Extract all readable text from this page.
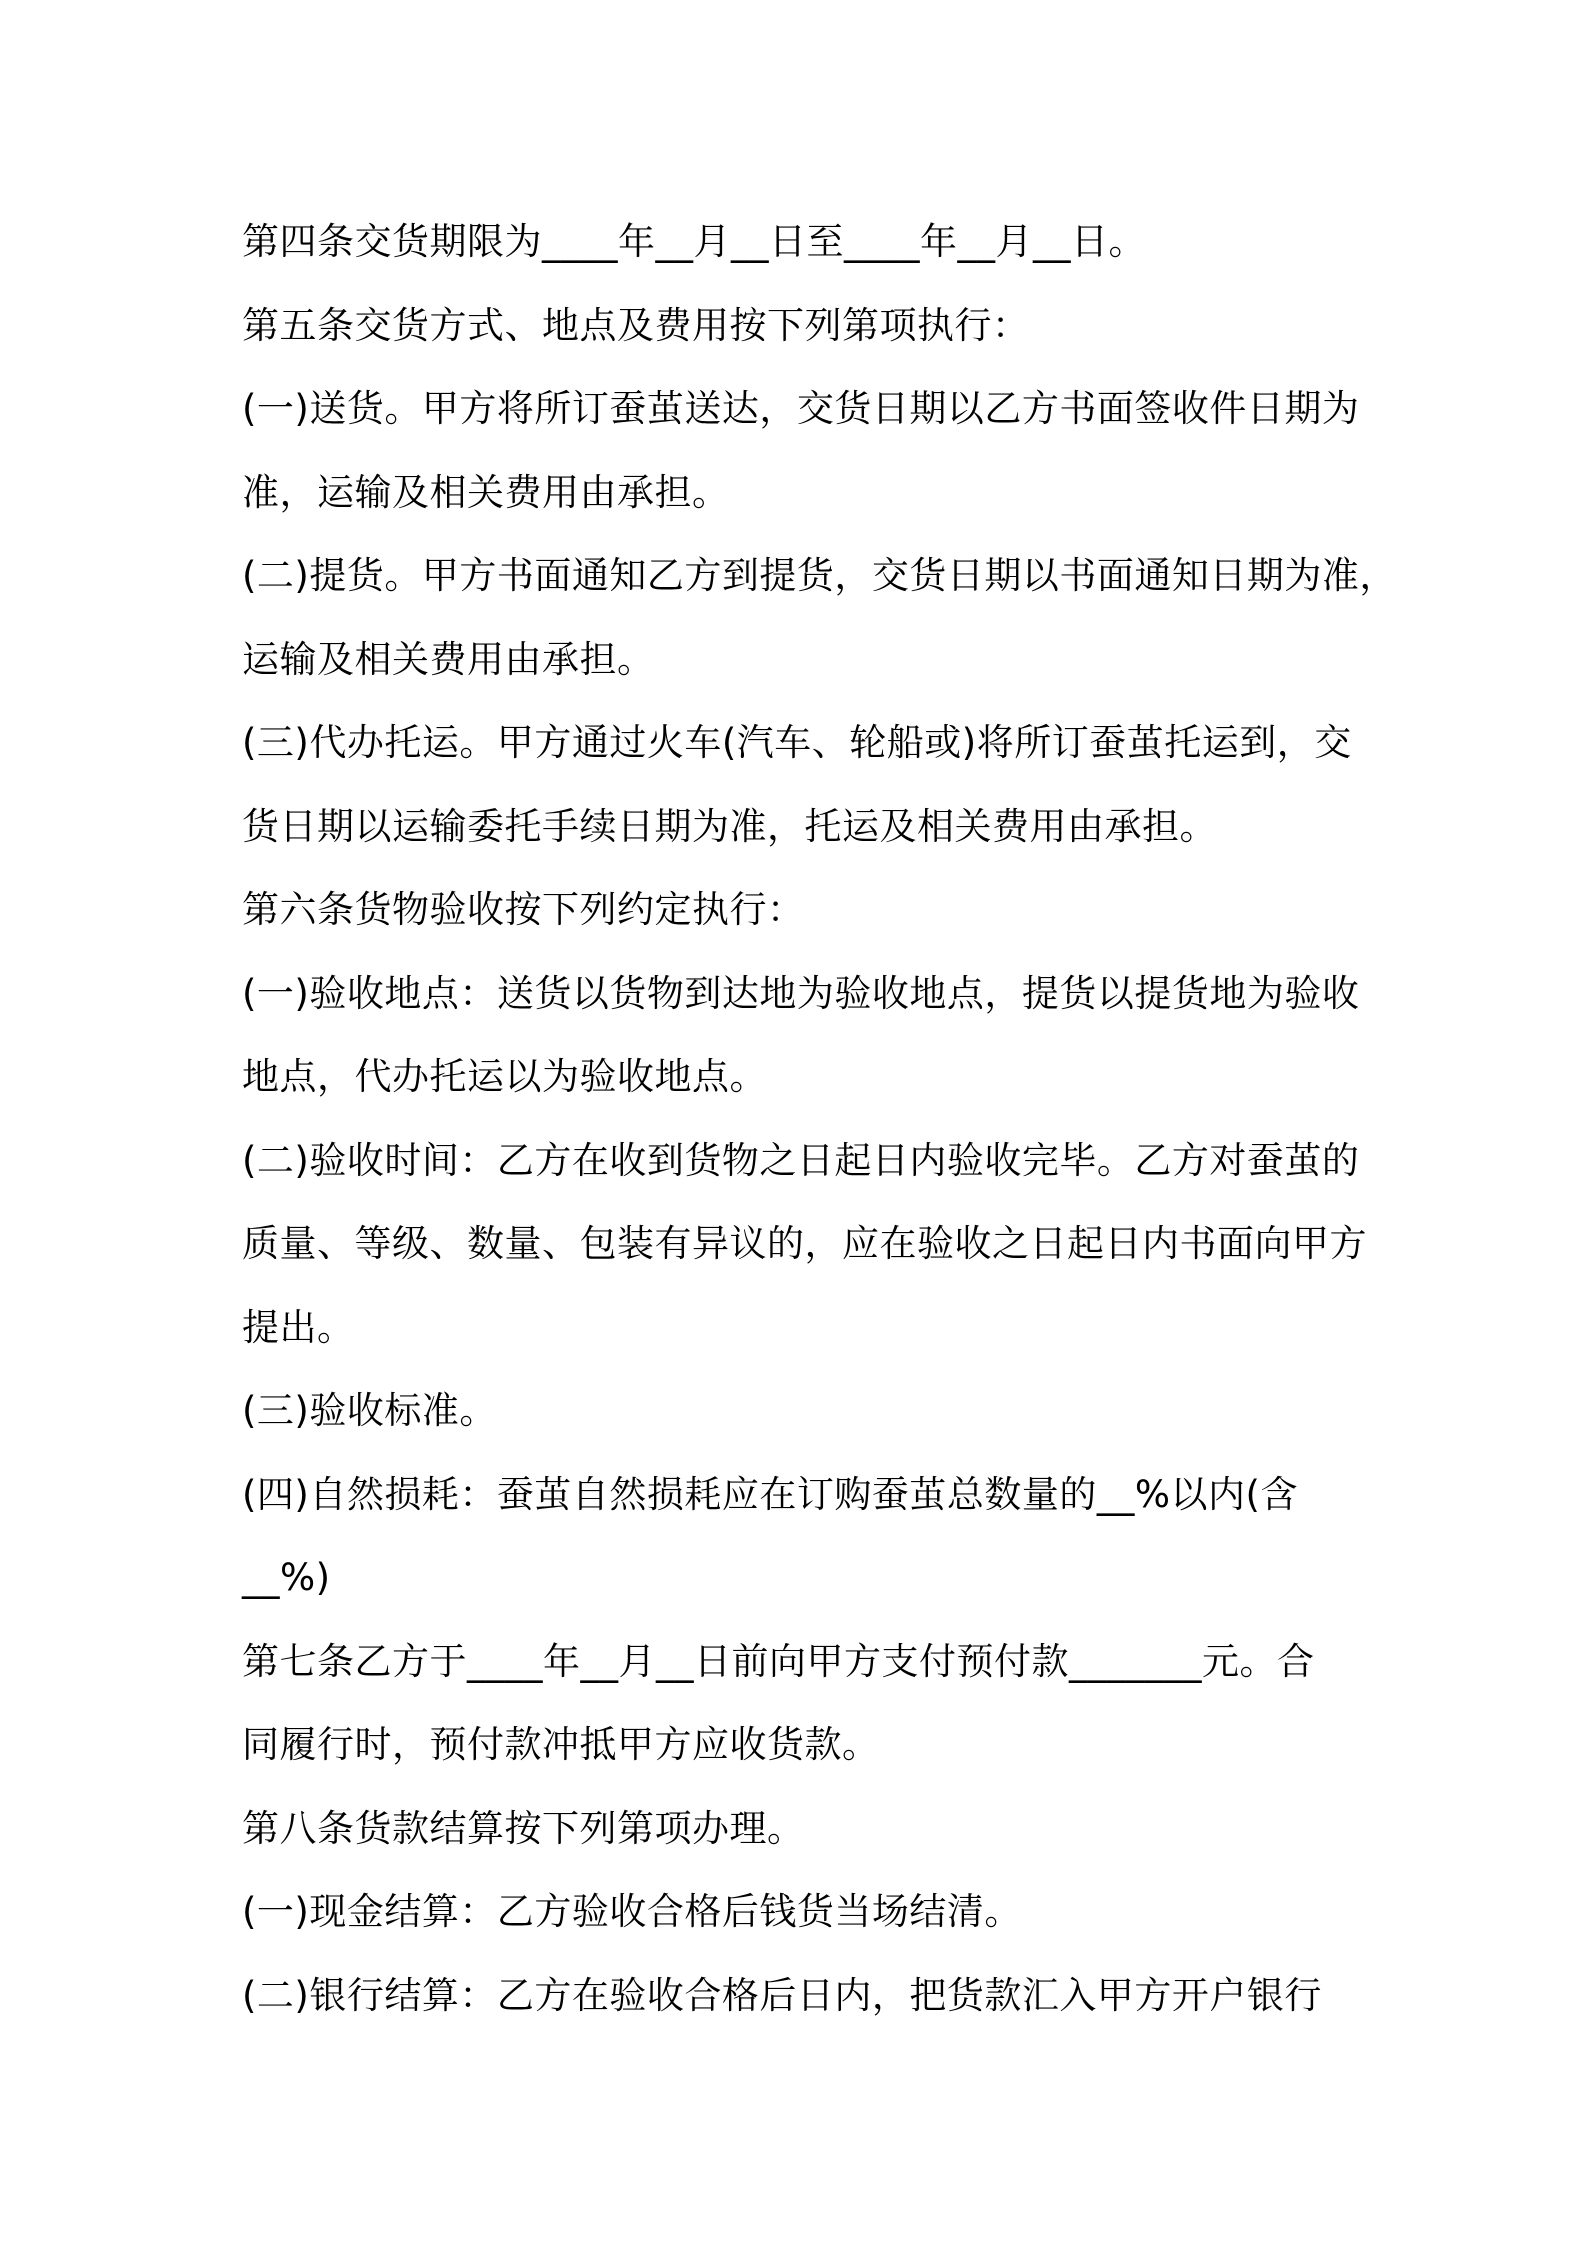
第四条交货期限为____年__月__日至____年__月__日。
第五条交货方式、地点及费用按下列第项执行：
(一)送货。甲方将所订蚕茧送达，交货日期以乙方书面签收件日期为
准，运输及相关费用由承担。
(二)提货。甲方书面通知乙方到提货，交货日期以书面通知日期为准，
运输及相关费用由承担。
(三)代办托运。甲方通过火车(汽车、轮船或)将所订蚕茧托运到，交
货日期以运输委托手续日期为准，托运及相关费用由承担。
第六条货物验收按下列约定执行：
(一)验收地点：送货以货物到达地为验收地点，提货以提货地为验收
地点，代办托运以为验收地点。
(二)验收时间：乙方在收到货物之日起日内验收完毕。乙方对蚕茧的
质量、等级、数量、包装有异议的，应在验收之日起日内书面向甲方
提出。
(三)验收标准。
(四)自然损耗：蚕茧自然损耗应在订购蚕茧总数量的__%以内(含
__%)
第七条乙方于____年__月__日前向甲方支付预付款_______元。合
同履行时，预付款冲抵甲方应收货款。
第八条货款结算按下列第项办理。
(一)现金结算：乙方验收合格后钱货当场结清。
(二)银行结算：乙方在验收合格后日内，把货款汇入甲方开户银行
